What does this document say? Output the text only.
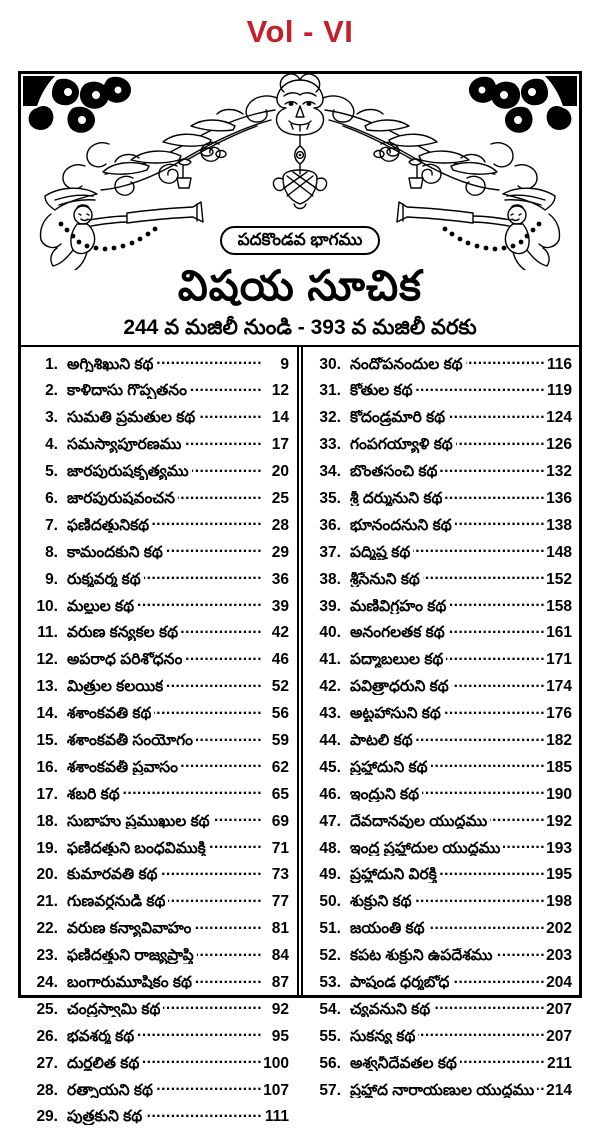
Vol - VI
పదకొండవ భాగము
విషయ సూచిక
244 వ మజిలీ నుండి - 393 వ మజిలీ వరకు
1. అగ్నిశిఖుని కథ .....	9
2. కాళిదాసు గొప్పతనం .....	12
3. సుమతి ప్రమతుల కథ .....	14
4. సమస్యాపూరణము .....	17
5. జారపురుషకృత్యము .....	20
6. జారపురుషవంచన .....	25
7. ఫణిదత్తునికథ .....	28
8. కామందకుని కథ .....	29
9. రుక్మవర్మ కథ .....	36
10. మల్లుల కథ .....	39
11. వరుణ కన్యకల కథ .....	42
12. అపరాధ పరిశోధనం .....	46
13. మిత్రుల కలయిక .....	52
14. శశాంకవతి కథ .....	56
15. శశాంకవతీ సంయోగం .....	59
16. శశాంకవతీ ప్రవాసం .....	62
17. శబరి కథ .....	65
18. సుబాహు ప్రముఖుల కథ .....	69
19. ఫణిదత్తుని బంధవిముక్తి .....	71
20. కుమారవతి కథ .....	73
21. గుణవర్ధనుడి కథ .....	77
22. వరుణ కన్యావివాహం .....	81
23. ఫణిదత్తుని రాజ్యప్రాప్తి .....	84
24. బంగారుమూషికం కథ .....	87
25. చంద్రస్వామి కథ .....	92
26. భవశర్మ కథ .....	95
27. దుర్లలిత కథ .....	100
28. రత్నాయని కథ .....	107
29. పుత్రకుని కథ .....	111
30. నందోపనందుల కథ .....	116
31. కోతుల కథ .....	119
32. కోదండ్రమారి కథ .....	124
33. గంపగయ్యాళి కథ .....	126
34. బొంతసంచి కథ .....	132
35. శ్రీ దర్మునుని కథ .....	136
36. భూనందనుని కథ .....	138
37. పద్మిష్ట కథ .....	148
38. శ్రీసేనుని కథ .....	152
39. మణివిగ్రహం కథ .....	158
40. అనంగలతక కథ .....	161
41. పద్మాబలుల కథ .....	171
42. పవిత్రాధరుని కథ .....	174
43. అట్టహాసుని కథ .....	176
44. పాటలి కథ .....	182
45. ప్రహ్లాదుని కథ .....	185
46. ఇంద్రుని కథ .....	190
47. దేవదానవుల యుద్ధము .....	192
48. ఇంద్ర ప్రహ్లాదుల యుద్ధము .....	193
49. ప్రహ్లాదుని విరక్తి .....	195
50. శుక్రుని కథ .....	198
51. జయంతి కథ .....	202
52. కపట శుక్రుని ఉపదేశము .....	203
53. పాషండ ధర్మబోధ .....	204
54. చ్యవనుని కథ .....	207
55. సుకన్య కథ .....	207
56. అశ్వనీదేవతల కథ .....	211
57. ప్రహ్లాద నారాయణుల యుద్ధము ..... 214
